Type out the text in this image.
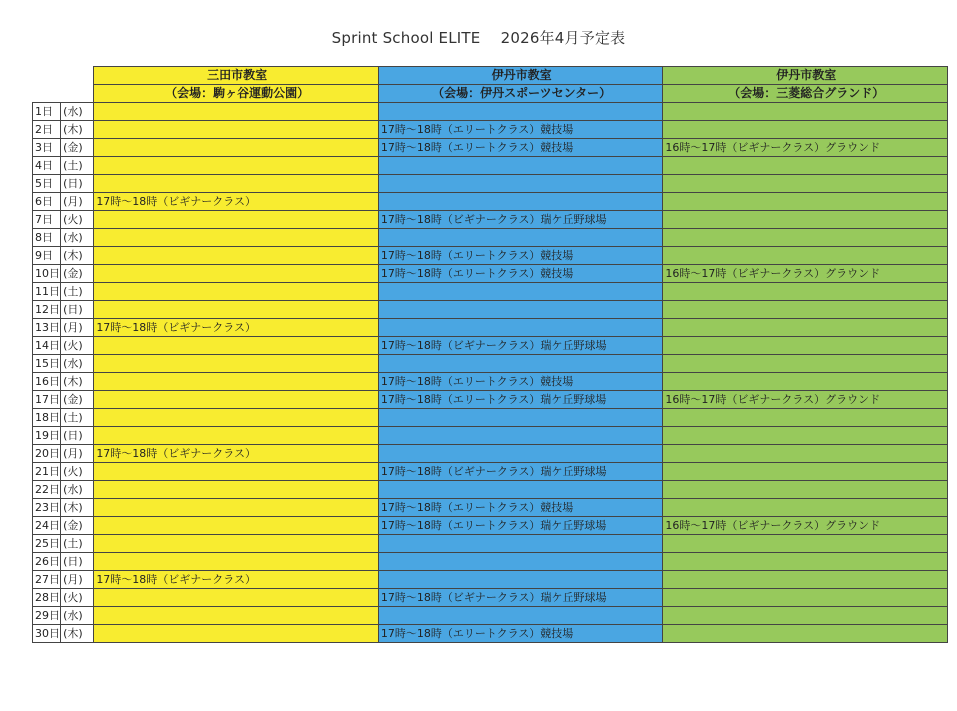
Sprint School ELITE　 2026年4月予定表
		三田市教室	伊丹市教室	伊丹市教室
		（会場：駒ヶ谷運動公園）	（会場：伊丹スポーツセンター）	（会場：三菱総合グランド）
1日	(水)			
2日	(木)		17時～18時（エリートクラス）競技場	
3日	(金)		17時～18時（エリートクラス）競技場	16時～17時（ビギナークラス）グラウンド
4日	(土)			
5日	(日)			
6日	(月)	17時～18時（ビギナークラス）		
7日	(火)		17時～18時（ビギナークラス）瑞ケ丘野球場	
8日	(水)			
9日	(木)		17時～18時（エリートクラス）競技場	
10日	(金)		17時～18時（エリートクラス）競技場	16時～17時（ビギナークラス）グラウンド
11日	(土)			
12日	(日)			
13日	(月)	17時～18時（ビギナークラス）		
14日	(火)		17時～18時（ビギナークラス）瑞ケ丘野球場	
15日	(水)			
16日	(木)		17時～18時（エリートクラス）競技場	
17日	(金)		17時～18時（エリートクラス）瑞ケ丘野球場	16時～17時（ビギナークラス）グラウンド
18日	(土)			
19日	(日)			
20日	(月)	17時～18時（ビギナークラス）		
21日	(火)		17時～18時（ビギナークラス）瑞ケ丘野球場	
22日	(水)			
23日	(木)		17時～18時（エリートクラス）競技場	
24日	(金)		17時～18時（エリートクラス）瑞ケ丘野球場	16時～17時（ビギナークラス）グラウンド
25日	(土)			
26日	(日)			
27日	(月)	17時～18時（ビギナークラス）		
28日	(火)		17時～18時（ビギナークラス）瑞ケ丘野球場	
29日	(水)			
30日	(木)		17時～18時（エリートクラス）競技場	
